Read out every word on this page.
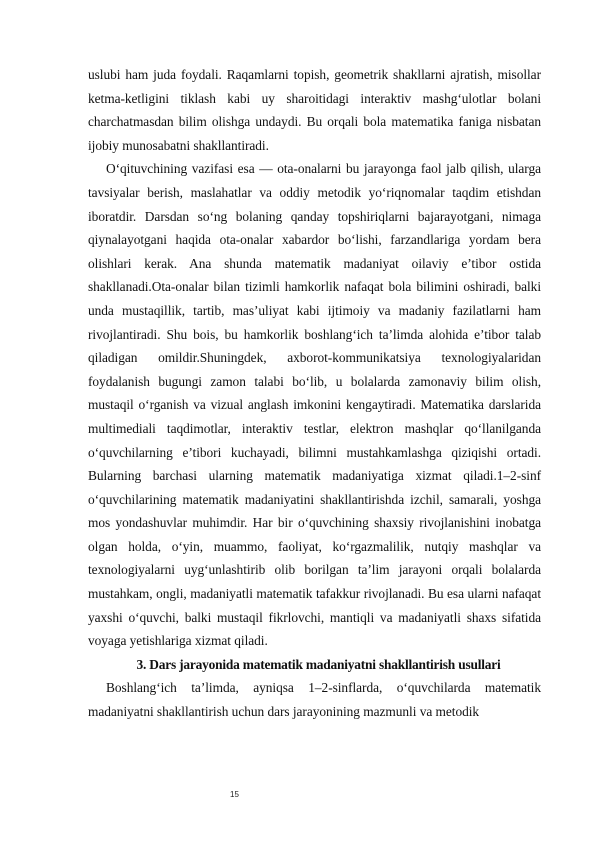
uslubi ham juda foydali. Raqamlarni topish, geometrik shakllarni ajratish, misollar ketma-ketligini tiklash kabi uy sharoitidagi interaktiv mashg‘ulotlar bolani charchatmasdan bilim olishga undaydi. Bu orqali bola matematika faniga nisbatan ijobiy munosabatni shakllantiradi.

O‘qituvchining vazifasi esa — ota-onalarni bu jarayonga faol jalb qilish, ularga tavsiyalar berish, maslahatlar va oddiy metodik yo‘riqnomalar taqdim etishdan iboratdir. Darsdan so‘ng bolaning qanday topshiriqlarni bajarayotgani, nimaga qiynalayotgani haqida ota-onalar xabardor bo‘lishi, farzandlariga yordam bera olishlari kerak. Ana shunda matematik madaniyat oilaviy e’tibor ostida shakllanadi.Ota-onalar bilan tizimli hamkorlik nafaqat bola bilimini oshiradi, balki unda mustaqillik, tartib, mas’uliyat kabi ijtimoiy va madaniy fazilatlarni ham rivojlantiradi. Shu bois, bu hamkorlik boshlang‘ich ta’limda alohida e’tibor talab qiladigan omildir.Shuningdek, axborot-kommunikatsiya texnologiyalaridan foydalanish bugungi zamon talabi bo‘lib, u bolalarda zamonaviy bilim olish, mustaqil o‘rganish va vizual anglash imkonini kengaytiradi. Matematika darslarida multimediali taqdimotlar, interaktiv testlar, elektron mashqlar qo‘llanilganda o‘quvchilarning e’tibori kuchayadi, bilimni mustahkamlashga qiziqishi ortadi. Bularning barchasi ularning matematik madaniyatiga xizmat qiladi.1–2-sinf o‘quvchilarining matematik madaniyatini shakllantirishda izchil, samarali, yoshga mos yondashuvlar muhimdir. Har bir o‘quvchining shaxsiy rivojlanishini inobatga olgan holda, o‘yin, muammo, faoliyat, ko‘rgazmalilik, nutqiy mashqlar va texnologiyalarni uyg‘unlashtirib olib borilgan ta’lim jarayoni orqali bolalarda mustahkam, ongli, madaniyatli matematik tafakkur rivojlanadi. Bu esa ularni nafaqat yaxshi o‘quvchi, balki mustaqil fikrlovchi, mantiqli va madaniyatli shaxs sifatida voyaga yetishlariga xizmat qiladi.

3. Dars jarayonida matematik madaniyatni shakllantirish usullari

Boshlang‘ich ta’limda, ayniqsa 1–2-sinflarda, o‘quvchilarda matematik madaniyatni shakllantirish uchun dars jarayonining mazmunli va metodik

15
